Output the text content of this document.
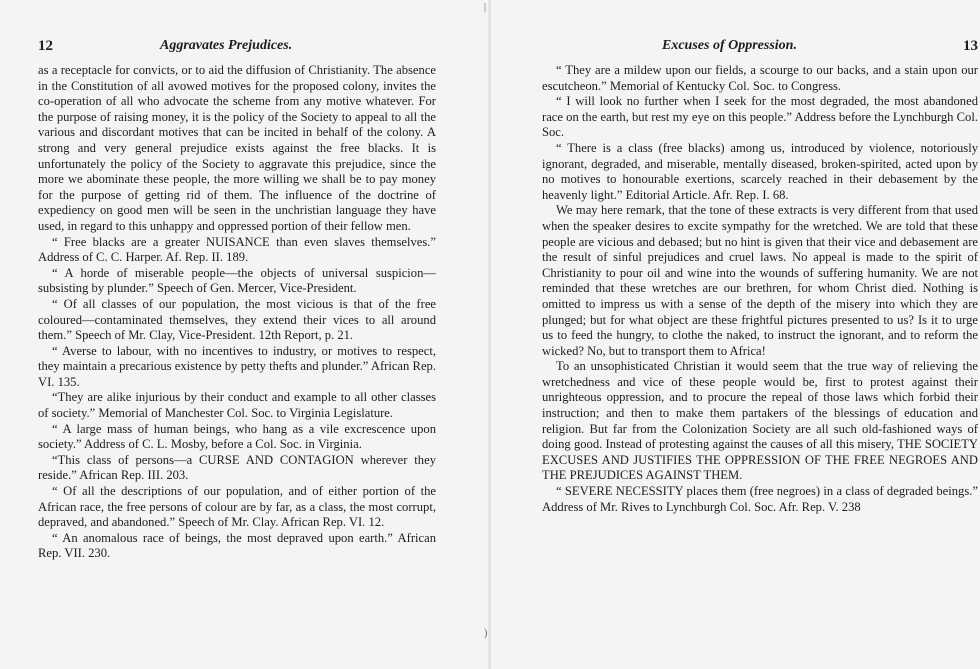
|
)
12	Aggravates Prejudices.

as a receptacle for convicts, or to aid the diffusion of Christianity. The absence in the Constitution of all avowed motives for the proposed colony, invites the co-operation of all who advocate the scheme from any motive whatever. For the purpose of raising money, it is the policy of the Society to appeal to all the various and discordant motives that can be incited in behalf of the colony. A strong and very general prejudice exists against the free blacks. It is unfortunately the policy of the Society to aggravate this prejudice, since the more we abominate these people, the more willing we shall be to pay money for the purpose of getting rid of them. The influence of the doctrine of expediency on good men will be seen in the unchristian language they have used, in regard to this unhappy and oppressed portion of their fellow men.

“ Free blacks are a greater NUISANCE than even slaves themselves.” Address of C. C. Harper. Af. Rep. II. 189.

“ A horde of miserable people—the objects of universal suspicion—subsisting by plunder.” Speech of Gen. Mercer, Vice-President.

“ Of all classes of our population, the most vicious is that of the free coloured—contaminated themselves, they extend their vices to all around them.” Speech of Mr. Clay, Vice-President. 12th Report, p. 21.

“ Averse to labour, with no incentives to industry, or motives to respect, they maintain a precarious existence by petty thefts and plunder.” African Rep. VI. 135.

“They are alike injurious by their conduct and example to all other classes of society.” Memorial of Manchester Col. Soc. to Virginia Legislature.

“ A large mass of human beings, who hang as a vile excrescence upon society.” Address of C. L. Mosby, before a Col. Soc. in Virginia.

“This class of persons—a CURSE AND CONTAGION wherever they reside.” African Rep. III. 203.

“ Of all the descriptions of our population, and of either portion of the African race, the free persons of colour are by far, as a class, the most corrupt, depraved, and abandoned.” Speech of Mr. Clay. African Rep. VI. 12.

“ An anomalous race of beings, the most depraved upon earth.” African Rep. VII. 230.

Excuses of Oppression.	13

“ They are a mildew upon our fields, a scourge to our backs, and a stain upon our escutcheon.” Memorial of Kentucky Col. Soc. to Congress.

“ I will look no further when I seek for the most degraded, the most abandoned race on the earth, but rest my eye on this people.” Address before the Lynchburgh Col. Soc.

“ There is a class (free blacks) among us, introduced by violence, notoriously ignorant, degraded, and miserable, mentally diseased, broken-spirited, acted upon by no motives to honourable exertions, scarcely reached in their debasement by the heavenly light.” Editorial Article. Afr. Rep. I. 68.

We may here remark, that the tone of these extracts is very different from that used when the speaker desires to excite sympathy for the wretched. We are told that these people are vicious and debased; but no hint is given that their vice and debasement are the result of sinful prejudices and cruel laws. No appeal is made to the spirit of Christianity to pour oil and wine into the wounds of suffering humanity. We are not reminded that these wretches are our brethren, for whom Christ died. Nothing is omitted to impress us with a sense of the depth of the misery into which they are plunged; but for what object are these frightful pictures presented to us? Is it to urge us to feed the hungry, to clothe the naked, to instruct the ignorant, and to reform the wicked? No, but to transport them to Africa!

To an unsophisticated Christian it would seem that the true way of relieving the wretchedness and vice of these people would be, first to protest against their unrighteous oppression, and to procure the repeal of those laws which forbid their instruction; and then to make them partakers of the blessings of education and religion. But far from the Colonization Society are all such old-fashioned ways of doing good. Instead of protesting against the causes of all this misery, THE SOCIETY EXCUSES AND JUSTIFIES THE OPPRESSION OF THE FREE NEGROES AND THE PREJUDICES AGAINST THEM.

“ SEVERE NECESSITY places them (free negroes) in a class of degraded beings.” Address of Mr. Rives to Lynchburgh Col. Soc. Afr. Rep. V. 238
